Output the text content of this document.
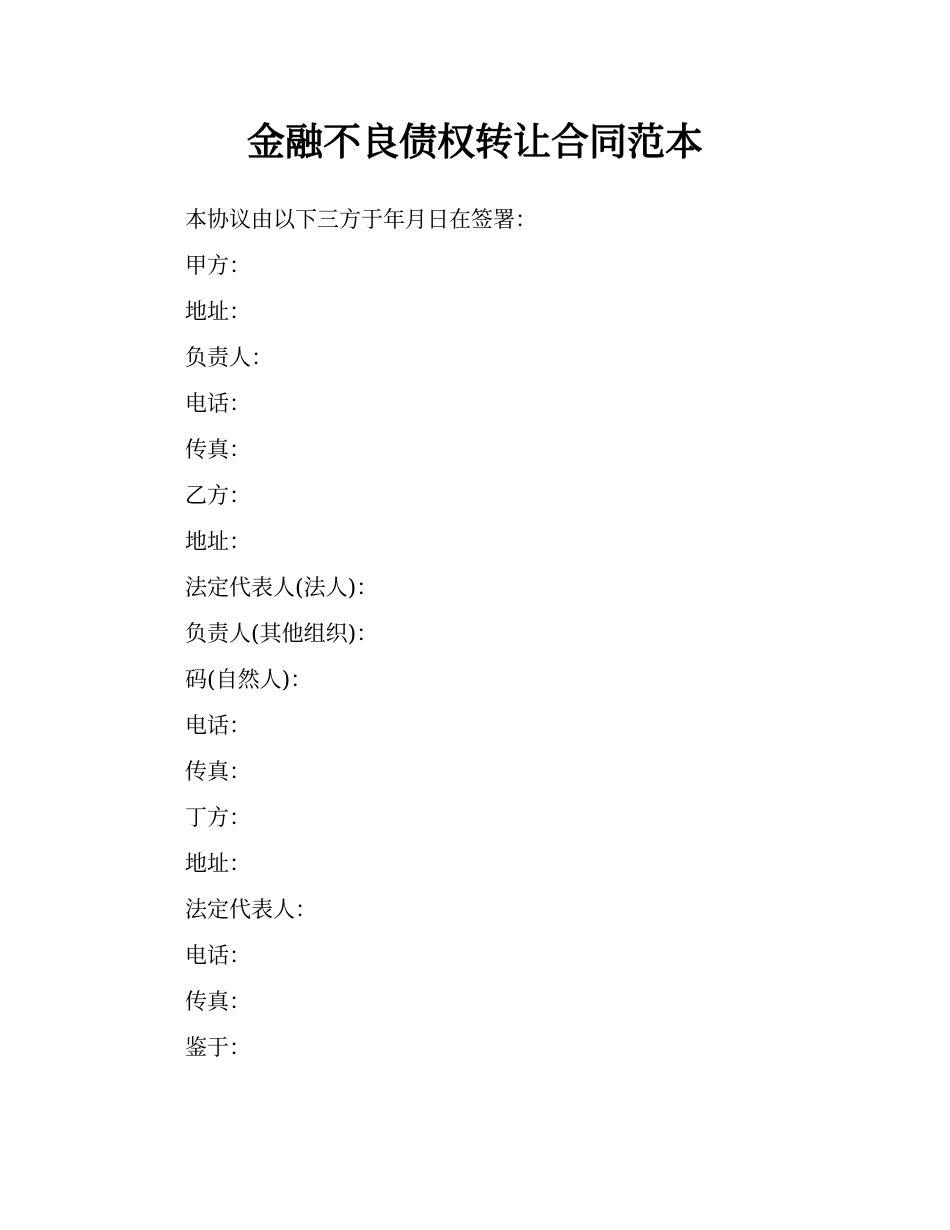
金融不良债权转让合同范本
本协议由以下三方于年月日在签署：
甲方：
地址：
负责人：
电话：
传真：
乙方：
地址：
法定代表人(法人)：
负责人(其他组织)：
码(自然人)：
电话：
传真：
丁方：
地址：
法定代表人：
电话：
传真：
鉴于：
